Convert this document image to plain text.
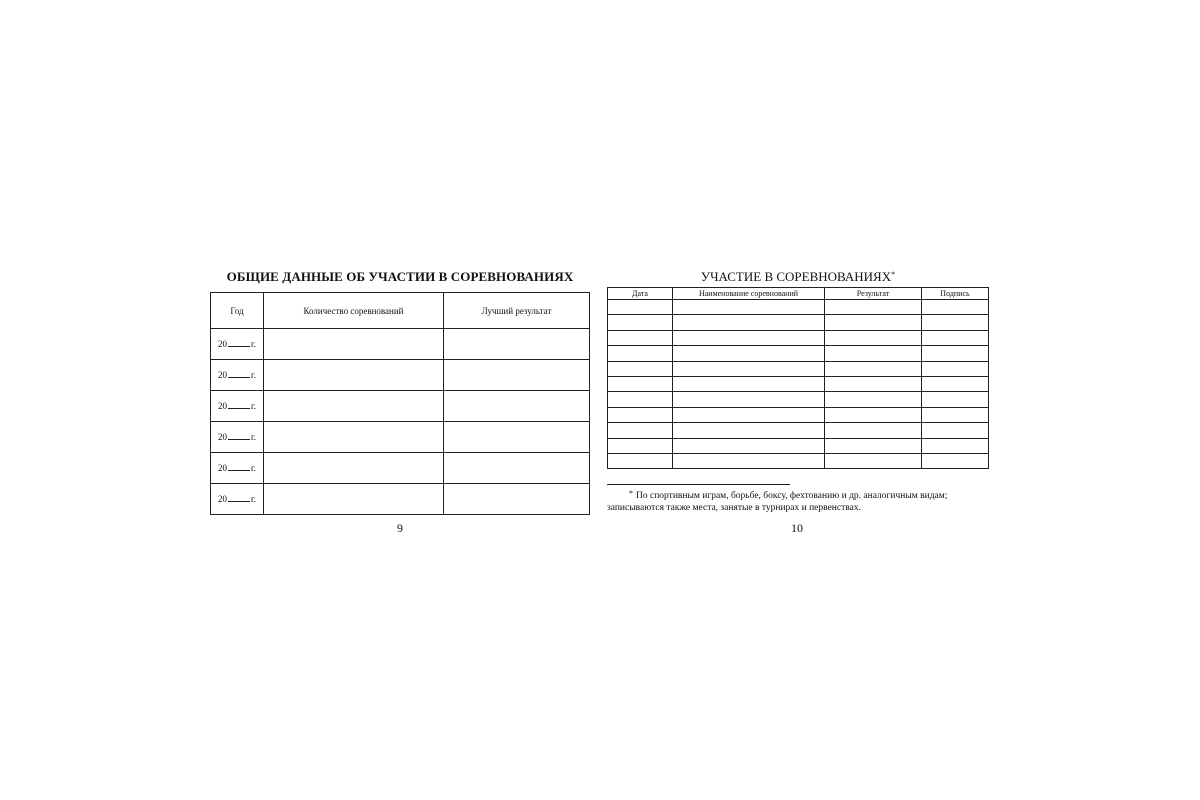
ОБЩИЕ ДАННЫЕ ОБ УЧАСТИИ В СОРЕВНОВАНИЯХ
Год	Количество соревнований	Лучший результат
20 г.		
20 г.		
20 г.		
20 г.		
20 г.		
20 г.		
9
УЧАСТИЕ В СОРЕВНОВАНИЯХ*
Дата	Наименование соревнований	Результат	Подпись

* По спортивным играм, борьбе, боксу, фехтованию и др. аналогичным видам;
записываются также места, занятые в турнирах и первенствах.
10
